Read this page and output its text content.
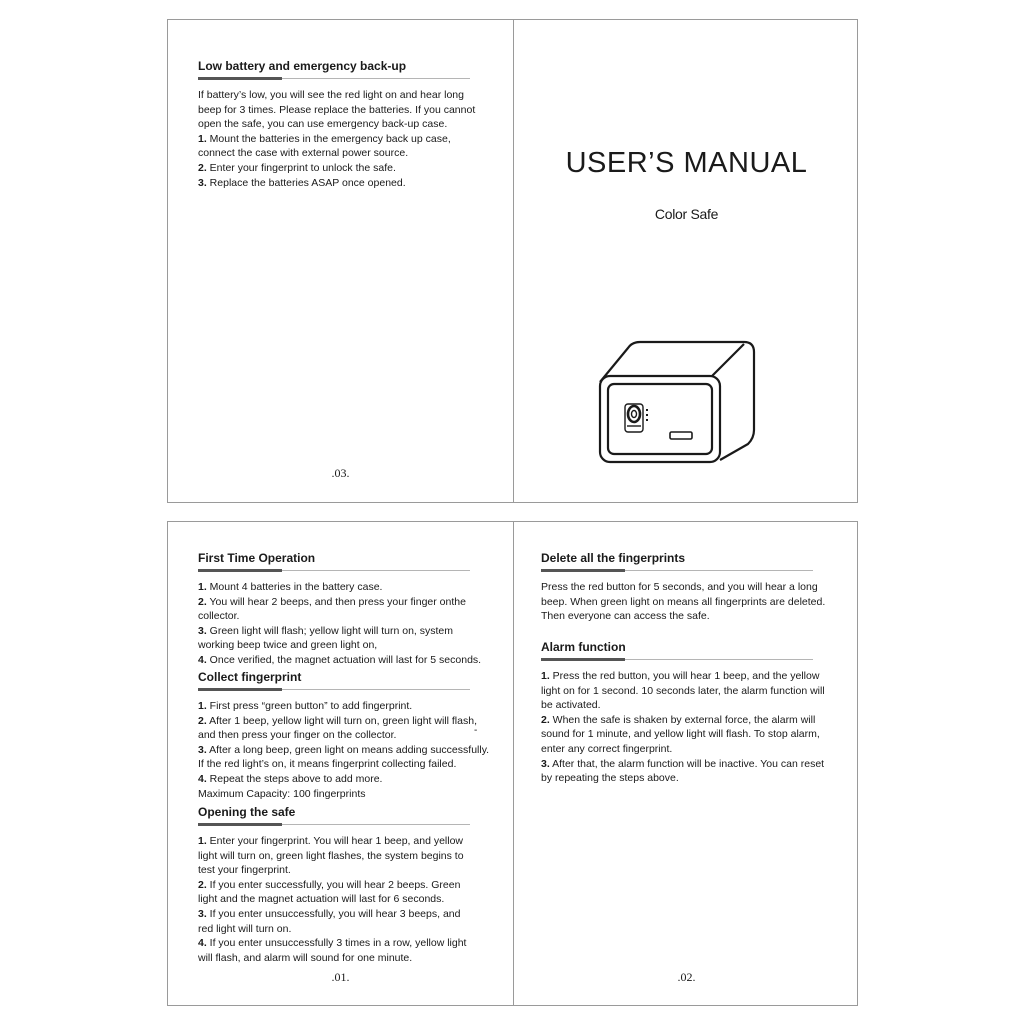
Low battery and emergency back-up

If battery’s low, you will see the red light on and hear long
beep for 3 times. Please replace the batteries. If you cannot
open the safe, you can use emergency back-up case.
1. Mount the batteries in the emergency back up case,
connect the case with external power source.
2. Enter your fingerprint to unlock the safe.
3. Replace the batteries ASAP once opened.
.03.
USER’S MANUAL
Color Safe

First Time Operation

1. Mount 4 batteries in the battery case.
2. You will hear 2 beeps, and then press your finger onthe
collector.
3. Green light will flash; yellow light will turn on, system
working beep twice and green light on,
4. Once verified, the magnet actuation will last for 5 seconds.

Collect fingerprint

1. First press “green button” to add fingerprint.
2. After 1 beep, yellow light will turn on, green light will flash,
and then press your finger on the collector.
3. After a long beep, green light on means adding successfully.
If the red light’s on, it means fingerprint collecting failed.
4. Repeat the steps above to add more.
Maximum Capacity: 100 fingerprints

Opening the safe

1. Enter your fingerprint. You will hear 1 beep, and yellow
light will turn on, green light flashes, the system begins to
test your fingerprint.
2. If you enter successfully, you will hear 2 beeps. Green
light and the magnet actuation will last for 6 seconds.
3. If you enter unsuccessfully, you will hear 3 beeps, and
red light will turn on.
4. If you enter unsuccessfully 3 times in a row, yellow light
will flash, and alarm will sound for one minute.
-
.01.

Delete all the fingerprints

Press the red button for 5 seconds, and you will hear a long
beep. When green light on means all fingerprints are deleted.
Then everyone can access the safe.

Alarm function

1. Press the red button, you will hear 1 beep, and the yellow
light on for 1 second. 10 seconds later, the alarm function will
be activated.
2. When the safe is shaken by external force, the alarm will
sound for 1 minute, and yellow light will flash. To stop alarm,
enter any correct fingerprint.
3. After that, the alarm function will be inactive. You can reset
by repeating the steps above.
.02.
